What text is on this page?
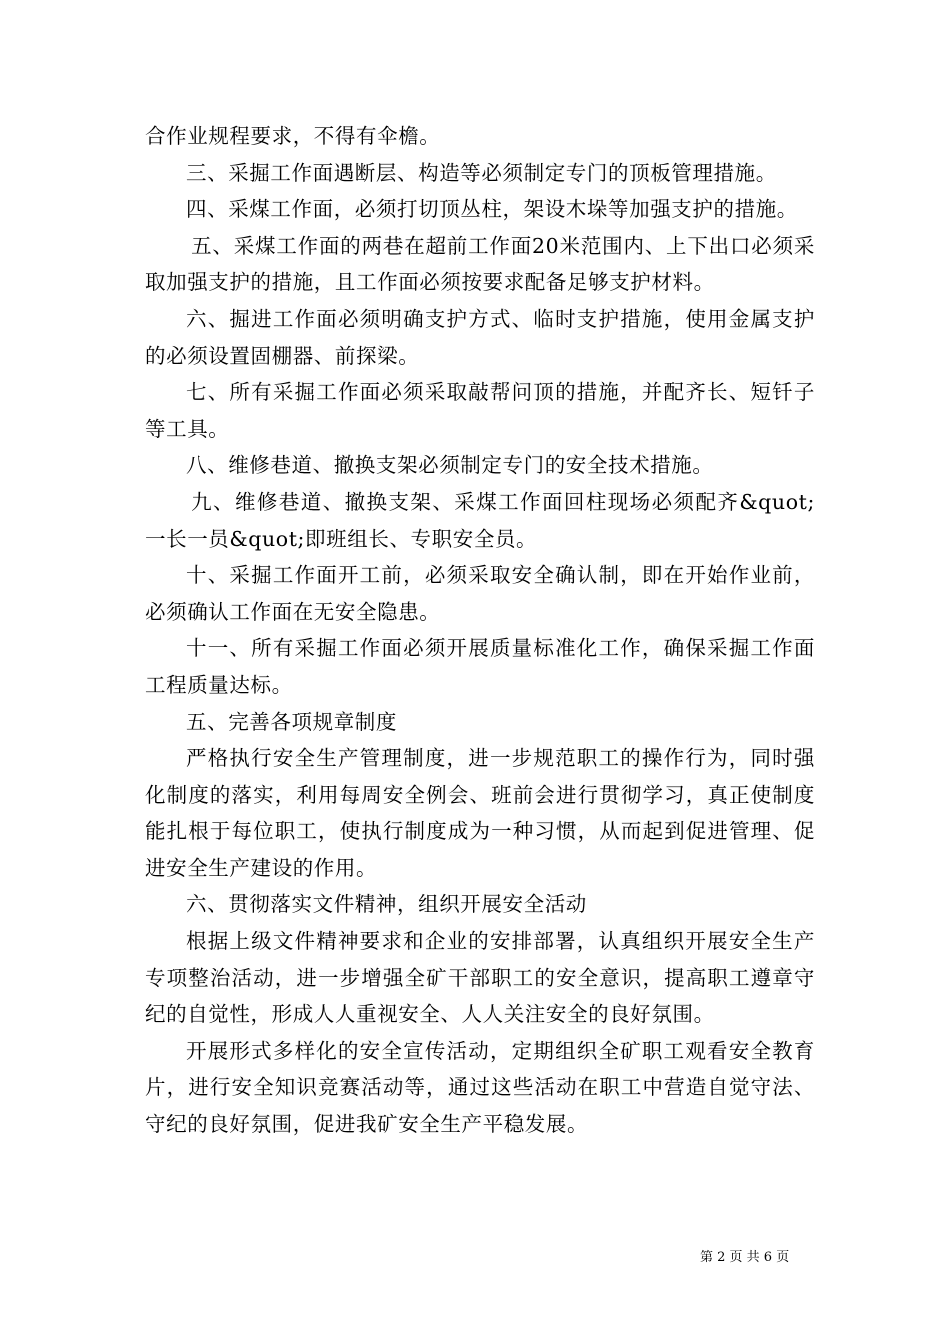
合作业规程要求，不得有伞檐。

三、采掘工作面遇断层、构造等必须制定专门的顶板管理措施。

四、采煤工作面，必须打切顶丛柱，架设木垛等加强支护的措施。

五、采煤工作面的两巷在超前工作面20米范围内、上下出口必须采取加强支护的措施，且工作面必须按要求配备足够支护材料。

六、掘进工作面必须明确支护方式、临时支护措施，使用金属支护的必须设置固棚器、前探梁。

七、所有采掘工作面必须采取敲帮问顶的措施，并配齐长、短钎子等工具。

八、维修巷道、撤换支架必须制定专门的安全技术措施。

九、维修巷道、撤换支架、采煤工作面回柱现场必须配齐&quot;一长一员&quot;即班组长、专职安全员。

十、采掘工作面开工前，必须采取安全确认制，即在开始作业前，必须确认工作面在无安全隐患。

十一、所有采掘工作面必须开展质量标准化工作，确保采掘工作面工程质量达标。

五、完善各项规章制度

严格执行安全生产管理制度，进一步规范职工的操作行为，同时强化制度的落实，利用每周安全例会、班前会进行贯彻学习，真正使制度能扎根于每位职工，使执行制度成为一种习惯，从而起到促进管理、促进安全生产建设的作用。

六、贯彻落实文件精神，组织开展安全活动

根据上级文件精神要求和企业的安排部署，认真组织开展安全生产专项整治活动，进一步增强全矿干部职工的安全意识，提高职工遵章守纪的自觉性，形成人人重视安全、人人关注安全的良好氛围。

开展形式多样化的安全宣传活动，定期组织全矿职工观看安全教育片，进行安全知识竞赛活动等，通过这些活动在职工中营造自觉守法、守纪的良好氛围，促进我矿安全生产平稳发展。

第 2 页 共 6 页
